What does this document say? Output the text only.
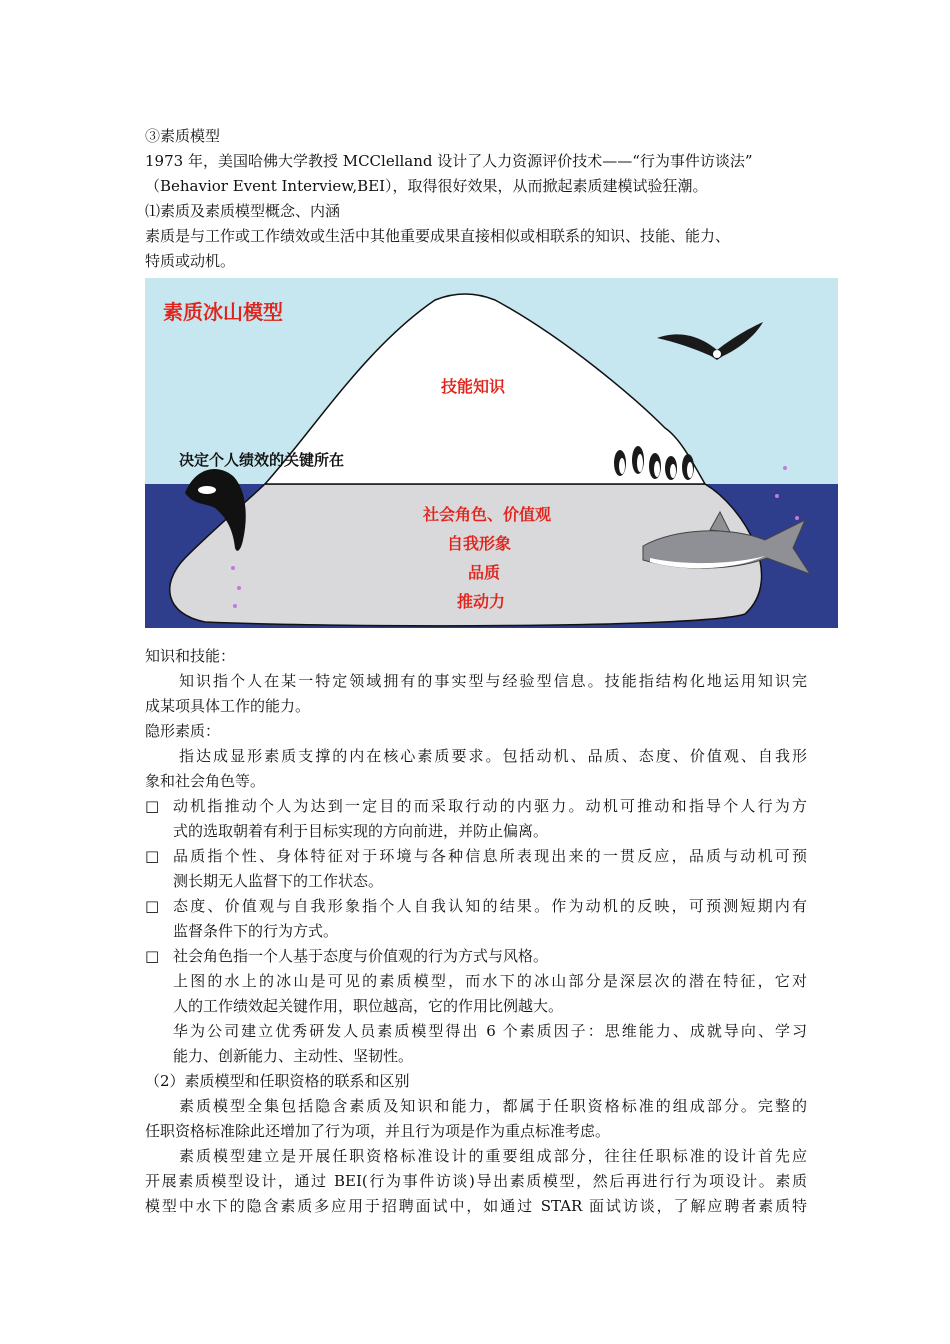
③素质模型
1973 年，美国哈佛大学教授 MCClelland 设计了人力资源评价技术——“行为事件访谈法”
（Behavior Event Interview,BEI），取得很好效果，从而掀起素质建模试验狂潮。
⑴素质及素质模型概念、内涵
素质是与工作或工作绩效或生活中其他重要成果直接相似或相联系的知识、技能、能力、
特质或动机。
素质冰山模型
技能知识
决定个人绩效的关键所在
社会角色、价值观
自我形象
品质
推动力
知识和技能：
知识指个人在某一特定领域拥有的事实型与经验型信息。技能指结构化地运用知识完
成某项具体工作的能力。
隐形素质：
指达成显形素质支撑的内在核心素质要求。包括动机、品质、态度、价值观、自我形
象和社会角色等。
□ 动机指推动个人为达到一定目的而采取行动的内驱力。动机可推动和指导个人行为方
式的选取朝着有利于目标实现的方向前进，并防止偏离。
□ 品质指个性、身体特征对于环境与各种信息所表现出来的一贯反应，品质与动机可预
测长期无人监督下的工作状态。
□ 态度、价值观与自我形象指个人自我认知的结果。作为动机的反映，可预测短期内有
监督条件下的行为方式。
□ 社会角色指一个人基于态度与价值观的行为方式与风格。
上图的水上的冰山是可见的素质模型，而水下的冰山部分是深层次的潜在特征，它对
人的工作绩效起关键作用，职位越高，它的作用比例越大。
华为公司建立优秀研发人员素质模型得出 6 个素质因子：思维能力、成就导向、学习
能力、创新能力、主动性、坚韧性。
（2）素质模型和任职资格的联系和区别
素质模型全集包括隐含素质及知识和能力，都属于任职资格标准的组成部分。完整的
任职资格标准除此还增加了行为项，并且行为项是作为重点标准考虑。
素质模型建立是开展任职资格标准设计的重要组成部分，往往任职标准的设计首先应
开展素质模型设计，通过 BEI(行为事件访谈)导出素质模型，然后再进行行为项设计。素质
模型中水下的隐含素质多应用于招聘面试中，如通过 STAR 面试访谈，了解应聘者素质特
